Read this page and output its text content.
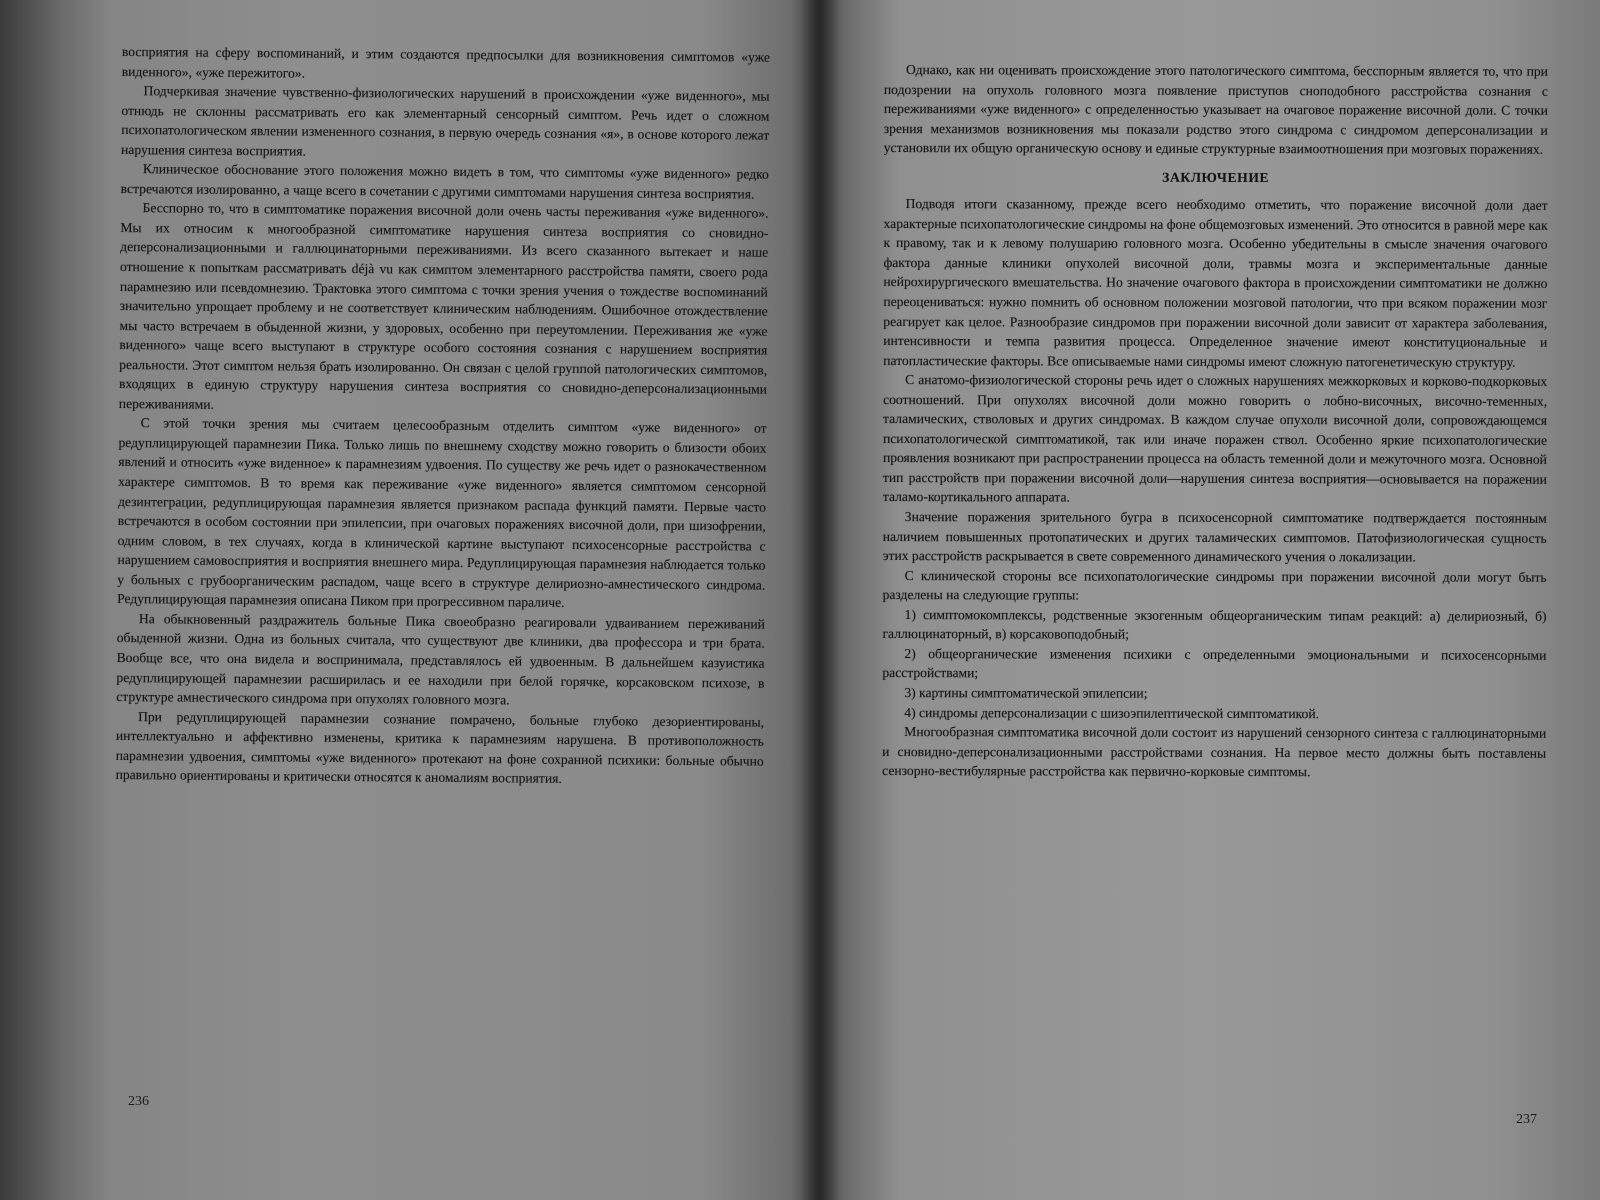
восприятия на сферу воспоминаний, и этим создаются предпосылки для возникновения симптомов «уже виденного», «уже пережитого».

Подчеркивая значение чувственно-физиологических нарушений в происхождении «уже виденного», мы отнюдь не склонны рассматривать его как элементарный сенсорный симптом. Речь идет о сложном психопатологическом явлении измененного сознания, в первую очередь сознания «я», в основе которого лежат нарушения синтеза восприятия.

Клиническое обоснование этого положения можно видеть в том, что симптомы «уже виденного» редко встречаются изолированно, а чаще всего в сочетании с другими симптомами нарушения синтеза восприятия.

Бесспорно то, что в симптоматике поражения височной доли очень часты переживания «уже виденного». Мы их относим к многообразной симптоматике нарушения синтеза восприятия со сновидно-деперсонализационными и галлюцинаторными переживаниями. Из всего сказанного вытекает и наше отношение к попыткам рассматривать déjà vu как симптом элементарного расстройства памяти, своего рода парамнезию или псевдомнезию. Трактовка этого симптома с точки зрения учения о тождестве воспоминаний значительно упрощает проблему и не соответствует клиническим наблюдениям. Ошибочное отождествление мы часто встречаем в обыденной жизни, у здоровых, особенно при переутомлении. Переживания же «уже виденного» чаще всего выступают в структуре особого состояния сознания с нарушением восприятия реальности. Этот симптом нельзя брать изолированно. Он связан с целой группой патологических симптомов, входящих в единую структуру нарушения синтеза восприятия со сновидно-деперсонализационными переживаниями.

С этой точки зрения мы считаем целесообразным отделить симптом «уже виденного» от редуплицирующей парамнезии Пика. Только лишь по внешнему сходству можно говорить о близости обоих явлений и относить «уже виденное» к парамнезиям удвоения. По существу же речь идет о разнокачественном характере симптомов. В то время как переживание «уже виденного» является симптомом сенсорной дезинтеграции, редуплицирующая парамнезия является признаком распада функций памяти. Первые часто встречаются в особом состоянии при эпилепсии, при очаговых поражениях височной доли, при шизофрении, одним словом, в тех случаях, когда в клинической картине выступают психосенсорные расстройства с нарушением самовосприятия и восприятия внешнего мира. Редуплицирующая парамнезия наблюдается только у больных с грубоорганическим распадом, чаще всего в структуре делириозно-амнестического синдрома. Редуплицирующая парамнезия описана Пиком при прогрессивном параличе.

На обыкновенный раздражитель больные Пика своеобразно реагировали удваиванием переживаний обыденной жизни. Одна из больных считала, что существуют две клиники, два профессора и три брата. Вообще все, что она видела и воспринимала, представлялось ей удвоенным. В дальнейшем казуистика редуплицирующей парамнезии расширилась и ее находили при белой горячке, корсаковском психозе, в структуре амнестического синдрома при опухолях головного мозга.

При редуплицирующей парамнезии сознание помрачено, больные глубоко дезориентированы, интеллектуально и аффективно изменены, критика к парамнезиям нарушена. В противоположность парамнезии удвоения, симптомы «уже виденного» протекают на фоне сохранной психики: больные обычно правильно ориентированы и критически относятся к аномалиям восприятия.

236

Однако, как ни оценивать происхождение этого патологического симптома, бесспорным является то, что при подозрении на опухоль головного мозга появление приступов сноподобного расстройства сознания с переживаниями «уже виденного» с определенностью указывает на очаговое поражение височной доли. С точки зрения механизмов возникновения мы показали родство этого синдрома с синдромом деперсонализации и установили их общую органическую основу и единые структурные взаимоотношения при мозговых поражениях.

ЗАКЛЮЧЕНИЕ

Подводя итоги сказанному, прежде всего необходимо отметить, что поражение височной доли дает характерные психопатологические синдромы на фоне общемозговых изменений. Это относится в равной мере как к правому, так и к левому полушарию головного мозга. Особенно убедительны в смысле значения очагового фактора данные клиники опухолей височной доли, травмы мозга и экспериментальные данные нейрохирургического вмешательства. Но значение очагового фактора в происхождении симптоматики не должно переоцениваться: нужно помнить об основном положении мозговой патологии, что при всяком поражении мозг реагирует как целое. Разнообразие синдромов при поражении височной доли зависит от характера заболевания, интенсивности и темпа развития процесса. Определенное значение имеют конституциональные и патопластические факторы. Все описываемые нами синдромы имеют сложную патогенетическую структуру.

С анатомо-физиологической стороны речь идет о сложных нарушениях межкорковых и корково-подкорковых соотношений. При опухолях височной доли можно говорить о лобно-височных, височно-теменных, таламических, стволовых и других синдромах. В каждом случае опухоли височной доли, сопровождающемся психопатологической симптоматикой, так или иначе поражен ствол. Особенно яркие психопатологические проявления возникают при распространении процесса на область теменной доли и межуточного мозга. Основной тип расстройств при поражении височной доли—нарушения синтеза восприятия—основывается на поражении таламо-кортикального аппарата.

Значение поражения зрительного бугра в психосенсорной симптоматике подтверждается постоянным наличием повышенных протопатических и других таламических симптомов. Патофизиологическая сущность этих расстройств раскрывается в свете современного динамического учения о локализации.

С клинической стороны все психопатологические синдромы при поражении височной доли могут быть разделены на следующие группы:

1) симптомокомплексы, родственные экзогенным общеорганическим типам реакций: а) делириозный, б) галлюцинаторный, в) корсаковоподобный;

2) общеорганические изменения психики с определенными эмоциональными и психосенсорными расстройствами;

3) картины симптоматической эпилепсии;

4) синдромы деперсонализации с шизоэпилептической симптоматикой.

Многообразная симптоматика височной доли состоит из нарушений сензорного синтеза с галлюцинаторными и сновидно-деперсонализационными расстройствами сознания. На первое место должны быть поставлены сензорно-вестибулярные расстройства как первично-корковые симптомы.

237
